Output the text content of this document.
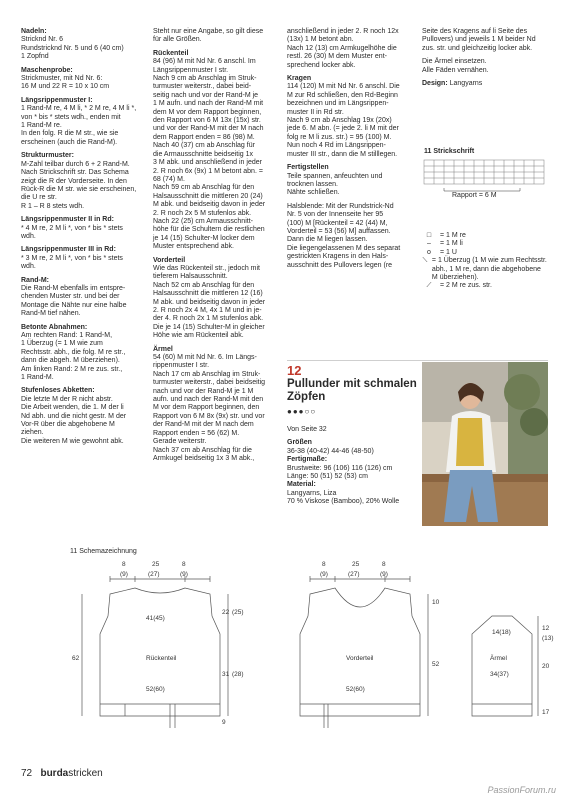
Nadeln:
Stricknd Nr. 6
Rundstricknd Nr. 5 und 6 (40 cm)
1 Zopfnd

Maschenprobe:
Strickmuster, mit Nd Nr. 6:
16 M und 22 R = 10 x 10 cm

Längsrippenmuster I:
1 Rand-M re, 4 M li, * 2 M re, 4 M li *,
von * bis * stets wdh., enden mit
1 Rand-M re.
In den folg. R die M str., wie sie
erscheinen (auch die Rand-M).

Strukturmuster:
M-Zahl teilbar durch 6 + 2 Rand-M.
Nach Strickschrift str. Das Schema
zeigt die R der Vorderseite. In den
Rück-R die M str. wie sie erscheinen,
die U re str.
R 1 – R 8 stets wdh.

Längsrippenmuster II in Rd:
* 4 M re, 2 M li *, von * bis * stets
wdh.

Längsrippenmuster III in Rd:
* 3 M re, 2 M li *, von * bis * stets
wdh.

Rand-M:
Die Rand-M ebenfalls im entspre-
chenden Muster str. und bei der
Montage die Nähte nur eine halbe
Rand-M tief nähen.

Betonte Abnahmen:
Am rechten Rand: 1 Rand-M,
1 Überzug (= 1 M wie zum
Rechtsstr. abh., die folg. M re str.,
dann die abgeh. M überziehen).
Am linken Rand: 2 M re zus. str.,
1 Rand-M.

Stufenloses Abketten:
Die letzte M der R nicht abstr.
Die Arbeit wenden, die 1. M der li
Nd abh. und die nicht gestr. M der
Vor-R über die abgehobene M
ziehen.
Die weiteren M wie gewohnt abk.

Steht nur eine Angabe, so gilt diese
für alle Größen.

Rückenteil
84 (96) M mit Nd Nr. 6 anschl. Im
Längsrippenmuster I str.
Nach 9 cm ab Anschlag im Struk-
turmuster weiterstr., dabei beid-
seitig nach und vor der Rand-M je
1 M aufn. und nach der Rand-M mit
dem M vor dem Rapport beginnen,
den Rapport von 6 M 13x (15x) str.
und vor der Rand-M mit der M nach
dem Rapport enden = 86 (98) M.
Nach 40 (37) cm ab Anschlag für
die Armausschnitte beidseitig 1x
3 M abk. und anschließend in jeder
2. R noch 6x (9x) 1 M betont abn. =
68 (74) M.
Nach 59 cm ab Anschlag für den
Halsausschnitt die mittleren 20 (24)
M abk. und beidseitig davon in jeder
2. R noch 2x 5 M stufenlos abk.
Nach 22 (25) cm Armausschnitt-
höhe für die Schultern die restlichen
je 14 (15) Schulter-M locker dem
Muster entsprechend abk.

Vorderteil
Wie das Rückenteil str., jedoch mit
tieferem Halsausschnitt.
Nach 52 cm ab Anschlag für den
Halsausschnitt die mittleren 12 (16)
M abk. und beidseitig davon in jeder
2. R noch 2x 4 M, 4x 1 M und in je-
der 4. R noch 2x 1 M stufenlos abk.
Die je 14 (15) Schulter-M in gleicher
Höhe wie am Rückenteil abk.

Ärmel
54 (60) M mit Nd Nr. 6. Im Längs-
rippenmuster I str.
Nach 17 cm ab Anschlag im Struk-
turmuster weiterstr., dabei beidseitig
nach und vor der Rand-M je 1 M
aufn. und nach der Rand-M mit den
M vor dem Rapport beginnen, den
Rapport von 6 M 8x (9x) str. und vor
der Rand-M mit der M nach dem
Rapport enden = 56 (62) M.
Gerade weiterstr.
Nach 37 cm ab Anschlag für die
Armkugel beidseitig 1x 3 M abk.,

anschließend in jeder 2. R noch 12x
(13x) 1 M betont abn.
Nach 12 (13) cm Armkugelhöhe die
restl. 26 (30) M dem Muster ent-
sprechend locker abk.

Kragen
114 (120) M mit Nd Nr. 6 anschl. Die
M zur Rd schließen, den Rd-Beginn
bezeichnen und im Längsrippen-
muster II in Rd str.
Nach 9 cm ab Anschlag 19x (20x)
jede 6. M abn. (= jede 2. li M mit der
folg re M li zus. str.) = 95 (100) M.
Nun noch 4 Rd im Längsrippen-
muster III str., dann die M stilllegen.

Fertigstellen
Teile spannen, anfeuchten und
trocknen lassen.
Nähte schließen.

Halsblende: Mit der Rundstrick-Nd
Nr. 5 von der Innenseite her 95
(100) M [Rückenteil = 42 (44) M,
Vorderteil = 53 (56) M] auffassen.
Dann die M liegen lassen.
Die liegengelassenen M des separat
gestrickten Kragens in den Hals-
ausschnitt des Pullovers legen (re

Seite des Kragens auf li Seite des
Pullovers) und jeweils 1 M beider Nd
zus. str. und gleichzeitig locker abk.

Die Ärmel einsetzen.
Alle Fäden vernähen.

Design: Langyarns

11 Strickschrift
Rapport = 6 M
□	= 1 M re
–	= 1 M li
o	= 1 U
⟍ = 1 Überzug (1 M wie zum Rechtsstr. abh., 1 M re, dann die abgehobene M überziehen).
⟋	= 2 M re zus. str.
12
Pullunder mit schmalen Zöpfen
●●●○○

Von Seite 32

Größen
36-38 (40-42) 44-46 (48-50)
Fertigmaße:
Brustweite: 96 (106) 116 (126) cm
Länge: 50 (51) 52 (53) cm
Material:
Langyarns, Liza
70 % Viskose (Bamboo), 20% Wolle
11 Schemazeichnung
8	25	8
(9)	(27)	(9)
8	25	8
(9)	(27)	(9)
41(45)
Rückenteil
52(60)
Vorderteil
52(60)
14(18)
Ärmel
34(37)
62
22 (25)
31 (28)
9
10
52
12
(13)
20
17
72 burdastricken
PassionForum.ru
